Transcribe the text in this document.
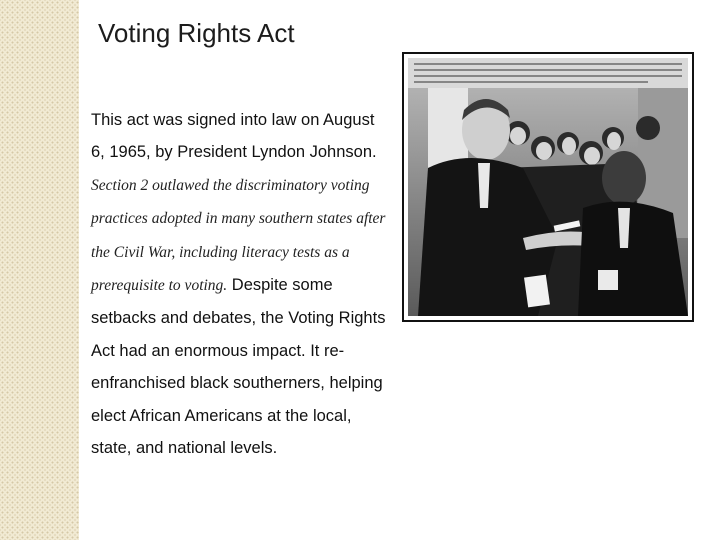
Voting Rights Act
This act was signed into law on August 6, 1965, by President Lyndon Johnson. Section 2 outlawed the discriminatory voting practices adopted in many southern states after the Civil War, including literacy tests as a prerequisite to voting. Despite some setbacks and debates, the Voting Rights Act had an enormous impact. It re-enfranchised black southerners, helping elect African Americans at the local, state, and national levels.
